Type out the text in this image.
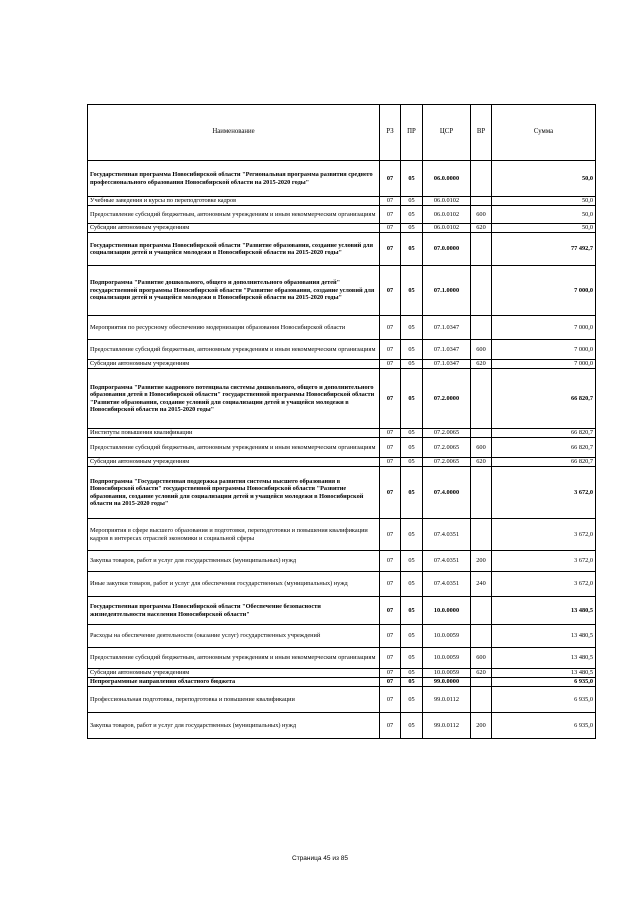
Наименование	РЗ	ПР	ЦСР	ВР	Сумма
Государственная программа Новосибирской области "Региональная программа развития среднего профессионального образования Новосибирской области на 2015-2020 годы"	07	05	06.0.0000		50,0
Учебные заведения и курсы по переподготовке кадров	07	05	06.0.0102		50,0
Предоставление субсидий бюджетным, автономным учреждениям и иным некоммерческим организациям	07	05	06.0.0102	600	50,0
Субсидии автономным учреждениям	07	05	06.0.0102	620	50,0
Государственная программа Новосибирской области "Развитие образования, создание условий для социализации детей и учащейся молодежи в Новосибирской области на 2015-2020 годы"	07	05	07.0.0000		77 492,7
Подпрограмма "Развитие дошкольного, общего и дополнительного образования детей" государственной программы Новосибирской области "Развитие образования, создание условий для социализации детей и учащейся молодежи в Новосибирской области на 2015-2020 годы"	07	05	07.1.0000		7 000,0
Мероприятия по ресурсному обеспечению модернизации образования Новосибирской области	07	05	07.1.0347		7 000,0
Предоставление субсидий бюджетным, автономным учреждениям и иным некоммерческим организациям	07	05	07.1.0347	600	7 000,0
Субсидии автономным учреждениям	07	05	07.1.0347	620	7 000,0
Подпрограмма "Развитие кадрового потенциала системы дошкольного, общего и дополнительного образования детей в Новосибирской области" государственной программы Новосибирской области "Развитие образования, создание условий для социализации детей и учащейся молодежи в Новосибирской области на 2015-2020 годы"	07	05	07.2.0000		66 820,7
Институты повышения квалификации	07	05	07.2.0065		66 820,7
Предоставление субсидий бюджетным, автономным учреждениям и иным некоммерческим организациям	07	05	07.2.0065	600	66 820,7
Субсидии автономным учреждениям	07	05	07.2.0065	620	66 820,7
Подпрограмма "Государственная поддержка развития системы высшего образования в Новосибирской области" государственной программы Новосибирской области "Развитие образования, создание условий для социализации детей и учащейся молодежи в Новосибирской области на 2015-2020 годы"	07	05	07.4.0000		3 672,0
Мероприятия в сфере высшего образования и подготовки, переподготовки и повышения квалификации кадров в интересах отраслей экономики и социальной сферы	07	05	07.4.0351		3 672,0
Закупка товаров, работ и услуг для государственных (муниципальных) нужд	07	05	07.4.0351	200	3 672,0
Иные закупки товаров, работ и услуг для обеспечения государственных (муниципальных) нужд	07	05	07.4.0351	240	3 672,0
Государственная программа Новосибирской области "Обеспечение безопасности жизнедеятельности населения Новосибирской области"	07	05	10.0.0000		13 480,5
Расходы на обеспечение деятельности (оказание услуг) государственных учреждений	07	05	10.0.0059		13 480,5
Предоставление субсидий бюджетным, автономным учреждениям и иным некоммерческим организациям	07	05	10.0.0059	600	13 480,5
Субсидии автономным учреждениям	07	05	10.0.0059	620	13 480,5
Непрограммные направления областного бюджета	07	05	99.0.0000		6 935,0
Профессиональная подготовка, переподготовка и повышение квалификации	07	05	99.0.0112		6 935,0
Закупка товаров, работ и услуг для государственных (муниципальных) нужд	07	05	99.0.0112	200	6 935,0
Страница 45 из 85
